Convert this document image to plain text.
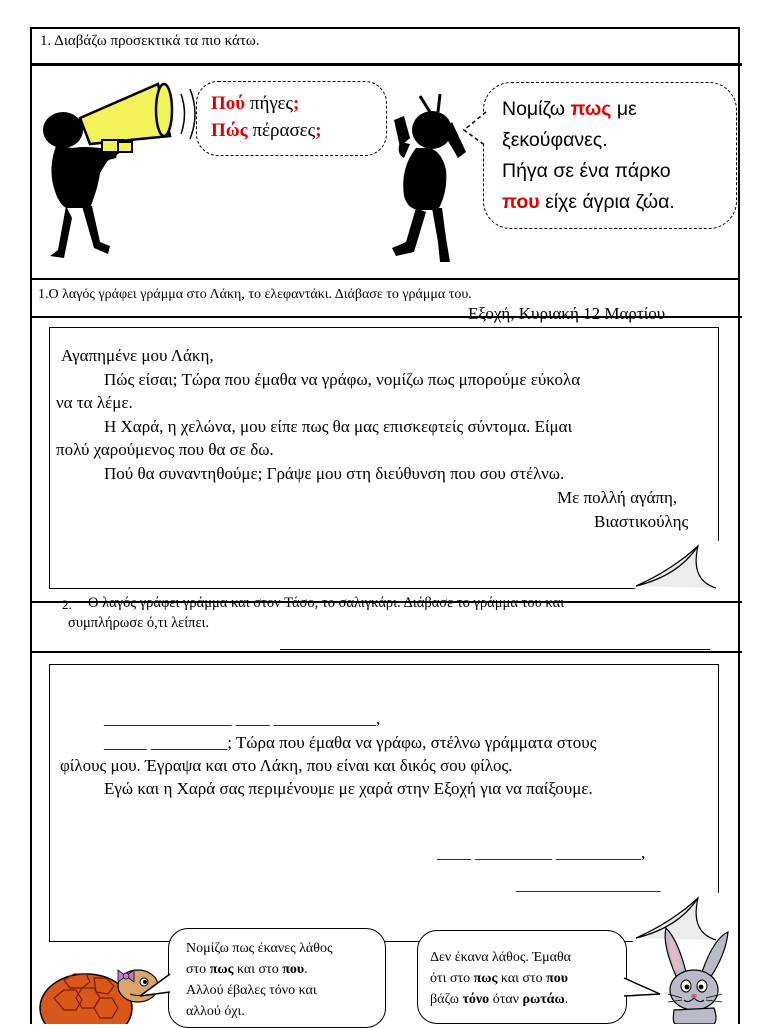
1. Διαβάζω προσεκτικά τα πιο κάτω.
Πού πήγες;
Πώς πέρασες;
Νομίζω πως με
ξεκούφανες.
Πήγα σε ένα πάρκο
που είχε άγρια ζώα.
1.Ο λαγός γράφει γράμμα στο Λάκη, το ελεφαντάκι. Διάβασε το γράμμα του.
Εξοχή, Κυριακή 12 Μαρτίου
Αγαπημένε μου Λάκη,
Πώς είσαι; Τώρα που έμαθα να γράφω, νομίζω πως μπορούμε εύκολα
να τα λέμε.
Η Χαρά, η χελώνα, μου είπε πως θα μας επισκεφτείς σύντομα. Είμαι
πολύ χαρούμενος που θα σε δω.
Πού θα συναντηθούμε; Γράψε μου στη διεύθυνση που σου στέλνω.
Με πολλή αγάπη,
Βιαστικούλης
2. Ο λαγός γράφει γράμμα και στον Τάσο, το σαλιγκάρι. Διάβασε το γράμμα του και
συμπλήρωσε ό,τι λείπει.
_______________ ____ ____________,
_____ _________; Τώρα που έμαθα να γράφω, στέλνω γράμματα στους
φίλους μου. Έγραψα και στο Λάκη, που είναι και δικός σου φίλος.
Εγώ και η Χαρά σας περιμένουμε με χαρά στην Εξοχή για να παίξουμε.
____ _________ __________,
_________________
Νομίζω πως έκανες λάθος
στο πως και στο που.
Αλλού έβαλες τόνο και
αλλού όχι.
Δεν έκανα λάθος. Έμαθα
ότι στο πως και στο που
βάζω τόνο όταν ρωτάω.
